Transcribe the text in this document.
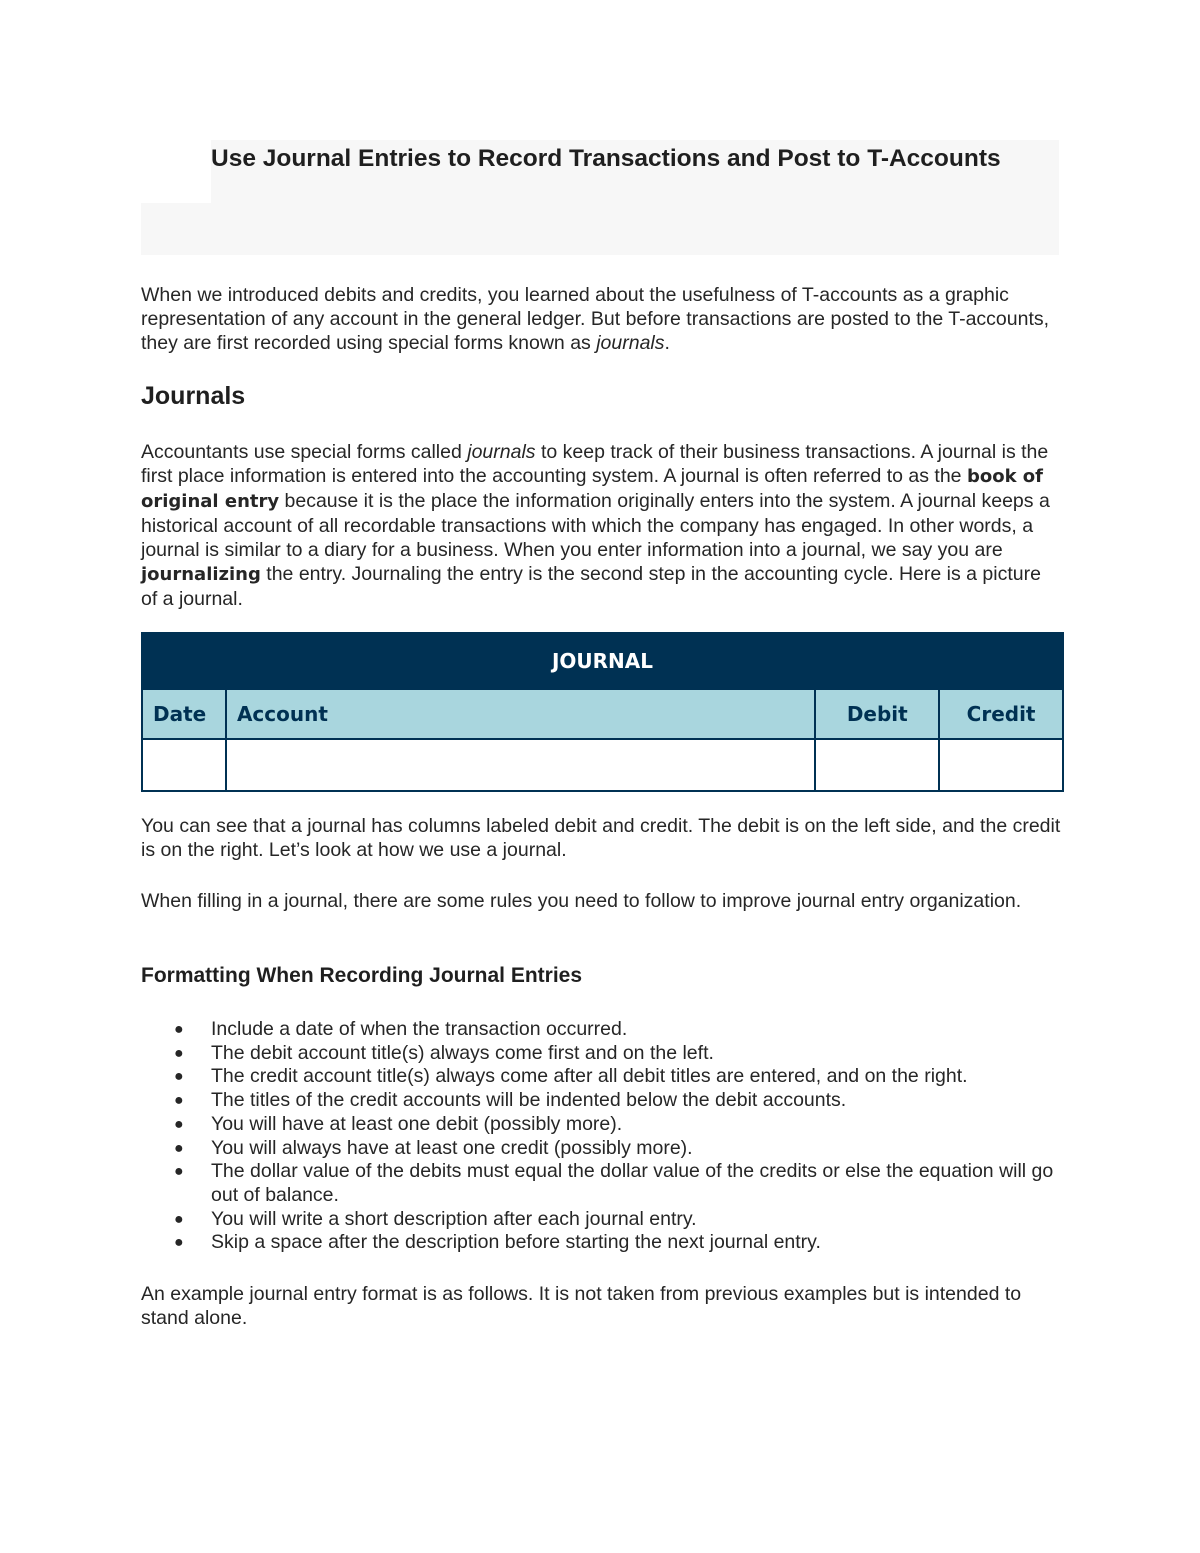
Use Journal Entries to Record Transactions and Post to T-Accounts

When we introduced debits and credits, you learned about the usefulness of T-accounts as a graphic representation of any account in the general ledger. But before transactions are posted to the T-accounts, they are first recorded using special forms known as journals.

Journals

Accountants use special forms called journals to keep track of their business transactions. A journal is the first place information is entered into the accounting system. A journal is often referred to as the book of original entry because it is the place the information originally enters into the system. A journal keeps a historical account of all recordable transactions with which the company has engaged. In other words, a journal is similar to a diary for a business. When you enter information into a journal, we say you are journalizing the entry. Journaling the entry is the second step in the accounting cycle. Here is a picture of a journal.

JOURNAL			
Date	Account	Debit	Credit

You can see that a journal has columns labeled debit and credit. The debit is on the left side, and the credit is on the right. Let’s look at how we use a journal.

When filling in a journal, there are some rules you need to follow to improve journal entry organization.

Formatting When Recording Journal Entries
● Include a date of when the transaction occurred.
● The debit account title(s) always come first and on the left.
● The credit account title(s) always come after all debit titles are entered, and on the right.
● The titles of the credit accounts will be indented below the debit accounts.
● You will have at least one debit (possibly more).
● You will always have at least one credit (possibly more).
● The dollar value of the debits must equal the dollar value of the credits or else the equation will go out of balance.
● You will write a short description after each journal entry.
● Skip a space after the description before starting the next journal entry.

An example journal entry format is as follows. It is not taken from previous examples but is intended to stand alone.
